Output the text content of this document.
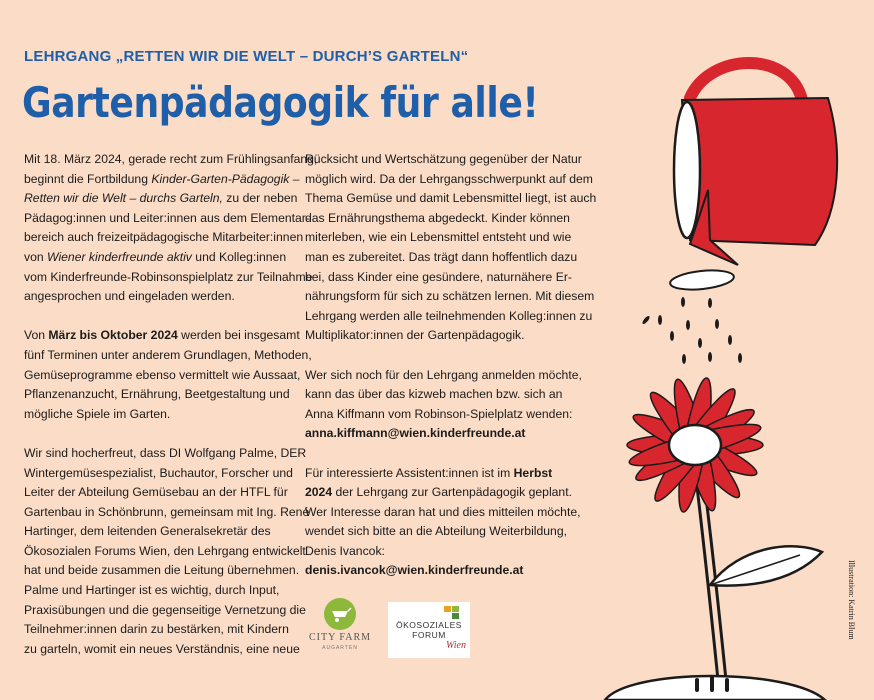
LEHRGANG „RETTEN WIR DIE WELT – DURCH’S GARTELN“
Gartenpädagogik für alle!

Mit 18. März 2024, gerade recht zum Frühlingsanfang,
beginnt die Fortbildung Kinder-Garten-Pädagogik –
Retten wir die Welt – durchs Garteln, zu der neben
Pädagog:innen und Leiter:innen aus dem Elementar-
bereich auch freizeitpädagogische Mitarbeiter:innen
von Wiener kinderfreunde aktiv und Kolleg:innen
vom Kinderfreunde-Robinsonspielplatz zur Teilnahme
angesprochen und eingeladen werden.

Von März bis Oktober 2024 werden bei insgesamt
fünf Terminen unter anderem Grundlagen, Methoden,
Gemüseprogramme ebenso vermittelt wie Aussaat,
Pflanzenanzucht, Ernährung, Beetgestaltung und
mögliche Spiele im Garten.

Wir sind hocherfreut, dass DI Wolfgang Palme, DER
Wintergemüsespezialist, Buchautor, Forscher und
Leiter der Abteilung Gemüsebau an der HTFL für
Gartenbau in Schönbrunn, gemeinsam mit Ing. René
Hartinger, dem leitenden Generalsekretär des
Ökosozialen Forums Wien, den Lehrgang entwickelt
hat und beide zusammen die Leitung übernehmen.
Palme und Hartinger ist es wichtig, durch Input,
Praxisübungen und die gegenseitige Vernetzung die
Teilnehmer:innen darin zu bestärken, mit Kindern
zu garteln, womit ein neues Verständnis, eine neue

Rücksicht und Wertschätzung gegenüber der Natur
möglich wird. Da der Lehrgangsschwerpunkt auf dem
Thema Gemüse und damit Lebensmittel liegt, ist auch
das Ernährungsthema abgedeckt. Kinder können
miterleben, wie ein Lebensmittel entsteht und wie
man es zubereitet. Das trägt dann hoffentlich dazu
bei, dass Kinder eine gesündere, naturnähere Er-
nährungsform für sich zu schätzen lernen. Mit diesem
Lehrgang werden alle teilnehmenden Kolleg:innen zu
Multiplikator:innen der Gartenpädagogik.

Wer sich noch für den Lehrgang anmelden möchte,
kann das über das kizweb machen bzw. sich an
Anna Kiffmann vom Robinson-Spielplatz wenden:
anna.kiffmann@wien.kinderfreunde.at

Für interessierte Assistent:innen ist im Herbst
2024 der Lehrgang zur Gartenpädagogik geplant.
Wer Interesse daran hat und dies mitteilen möchte,
wendet sich bitte an die Abteilung Weiterbildung,
Denis Ivancok:
denis.ivancok@wien.kinderfreunde.at

CITY FARM
AUGARTEN
ÖKOSOZIALES
FORUM
Wien
Illustration: Katrin Blum
